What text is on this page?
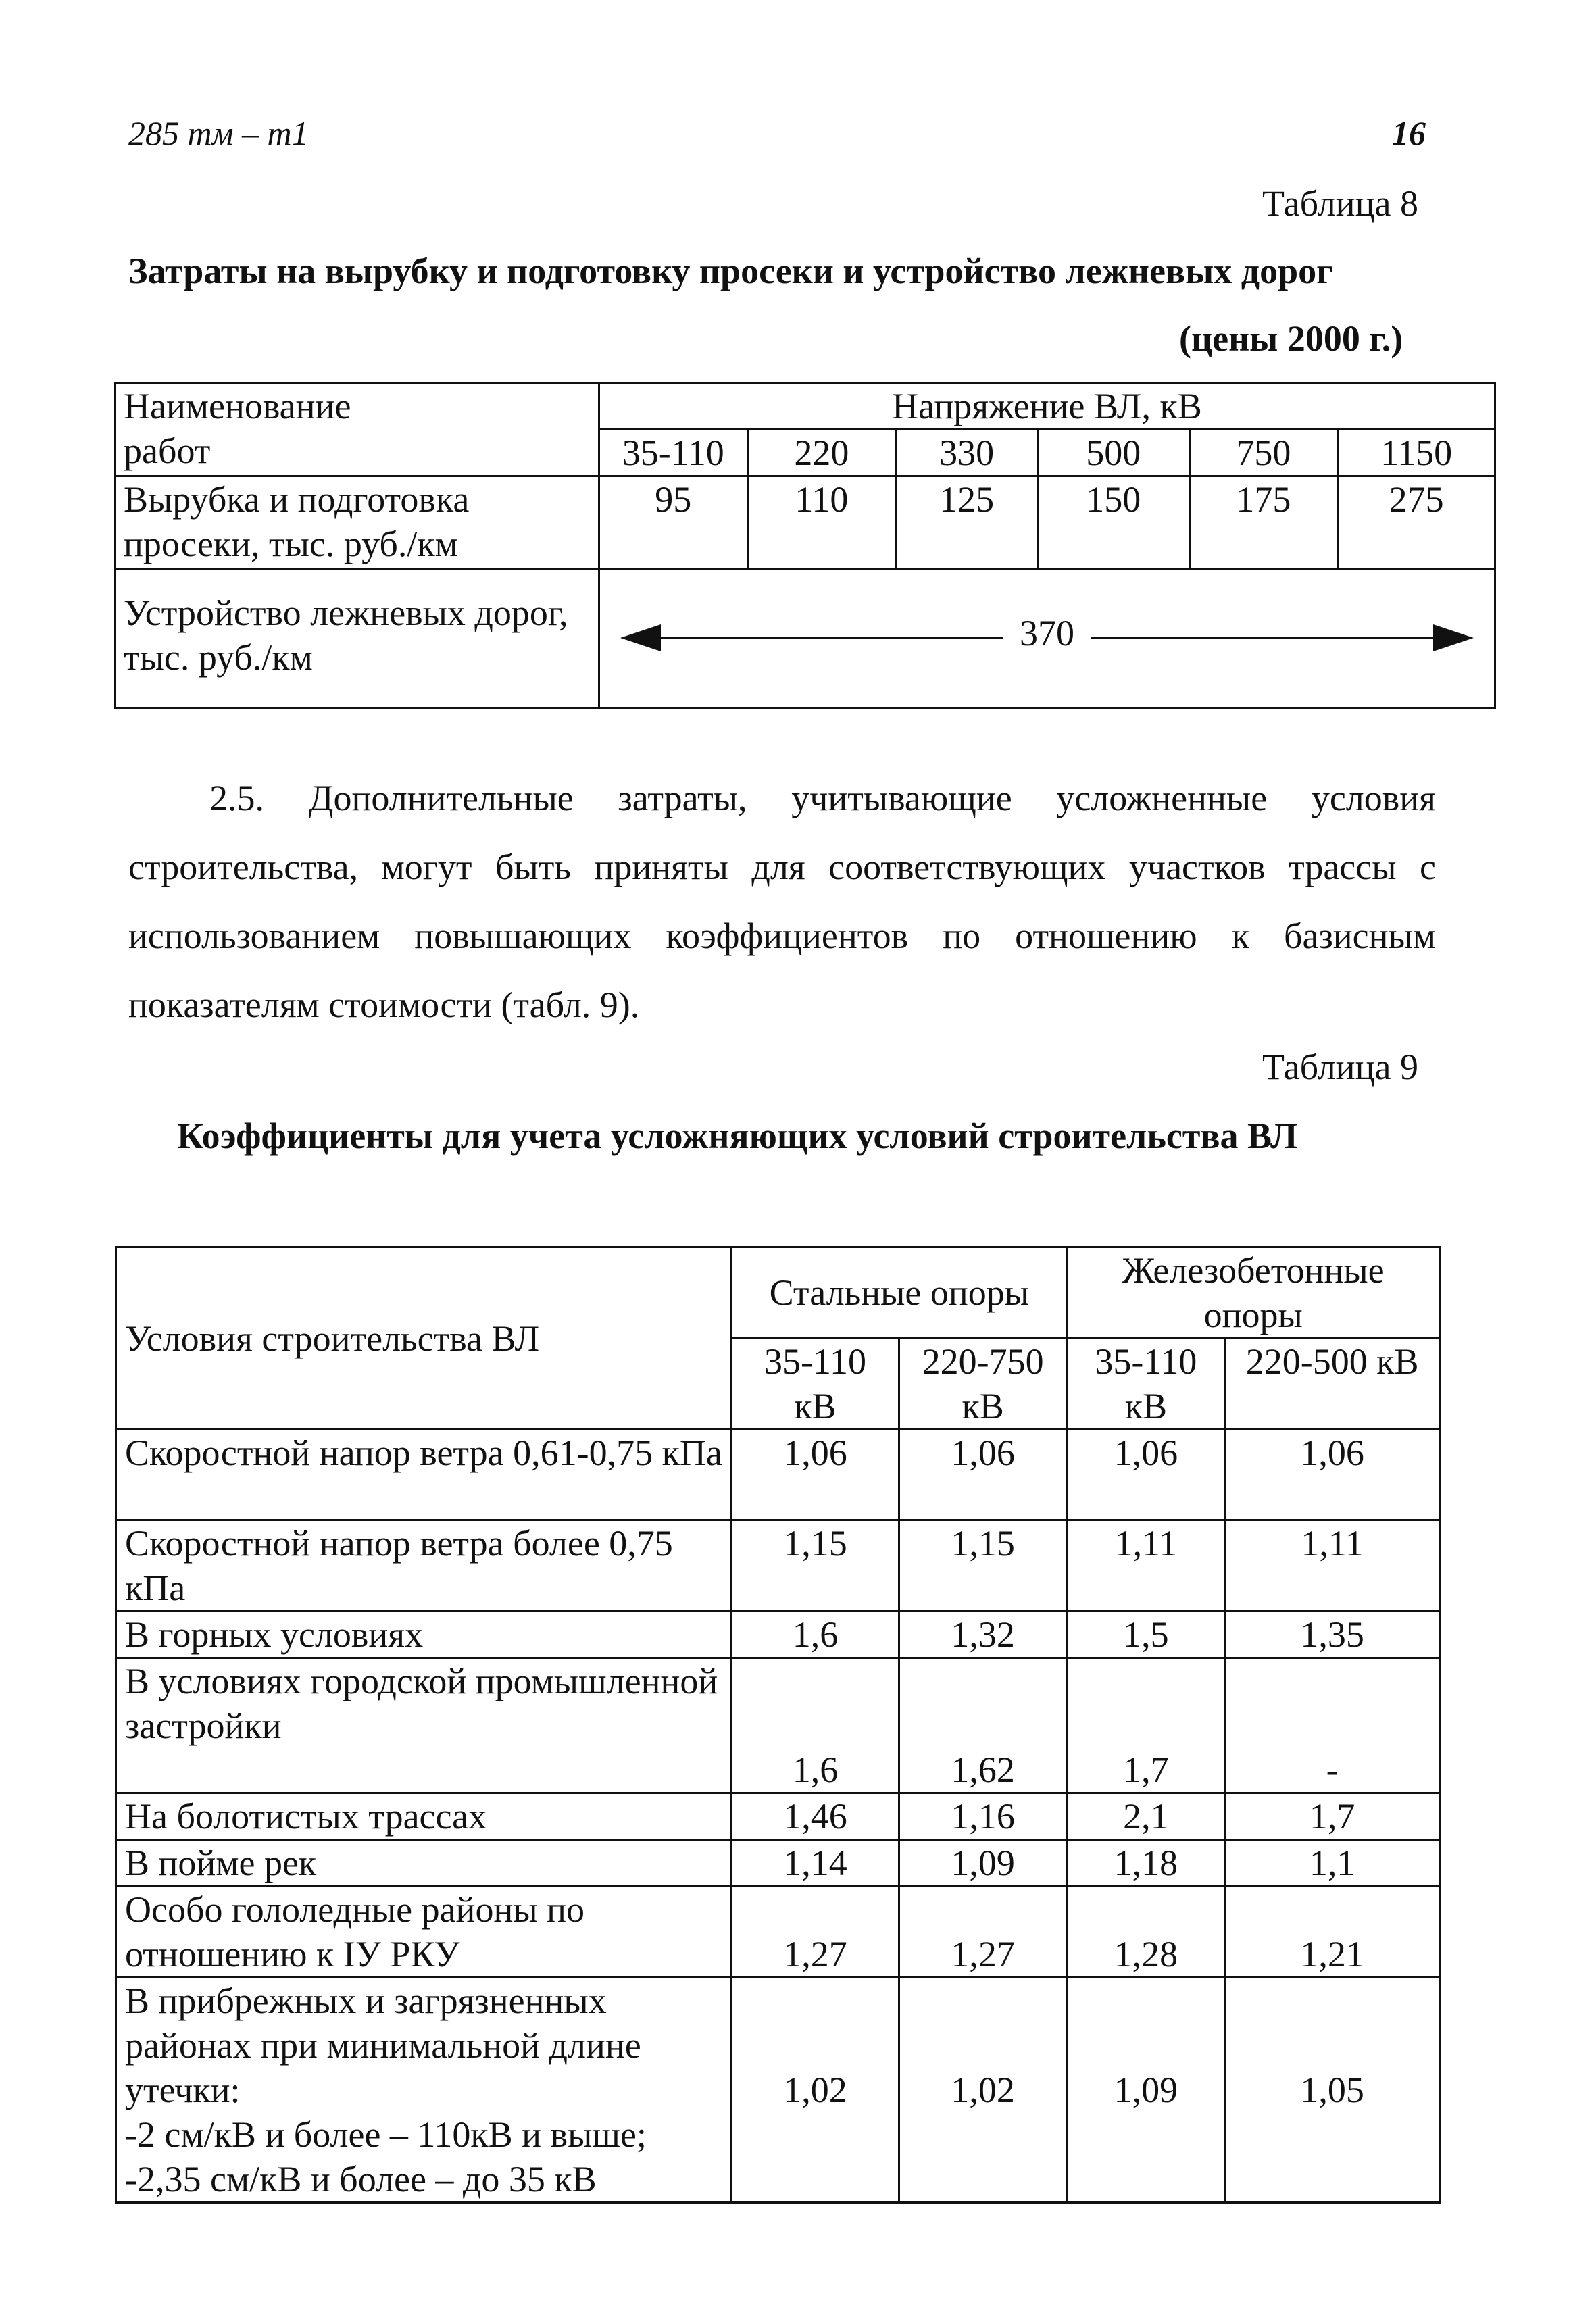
285 тм – т1	16
Таблица 8
Затраты на вырубку и подготовку просеки и устройство лежневых дорог
(цены 2000 г.)
Наименование
работ	Напряжение ВЛ, кВ					
	35-110	220	330	500	750	1150
Вырубка и подготовка просеки, тыс. руб./км	95	110	125	150	175	275
Устройство лежневых дорог, тыс. руб./км	370					
2.5. Дополнительные затраты, учитывающие усложненные условия строительства, могут быть приняты для соответствующих участков трассы с использованием повышающих коэффициентов по отношению к базисным показателям стоимости (табл. 9).
Таблица 9
Коэффициенты для учета усложняющих условий строительства ВЛ
Условия строительства ВЛ	Стальные опоры		Железобетонные опоры	
	35-110 кВ	220-750 кВ	35-110 кВ	220-500 кВ
Скоростной напор ветра 0,61-0,75 кПа	1,06	1,06	1,06	1,06
Скоростной напор ветра более 0,75 кПа	1,15	1,15	1,11	1,11
В горных условиях	1,6	1,32	1,5	1,35
В условиях городской промышленной застройки	1,6	1,62	1,7	-
На болотистых трассах	1,46	1,16	2,1	1,7
В пойме рек	1,14	1,09	1,18	1,1
Особо гололедные районы по отношению к IУ РКУ	1,27	1,27	1,28	1,21

В прибрежных и загрязненных районах при минимальной длине утечки:
-2 см/кВ и более – 110кВ и выше;
-2,35 см/кВ и более – до 35 кВ	1,02	1,02	1,09	1,05
